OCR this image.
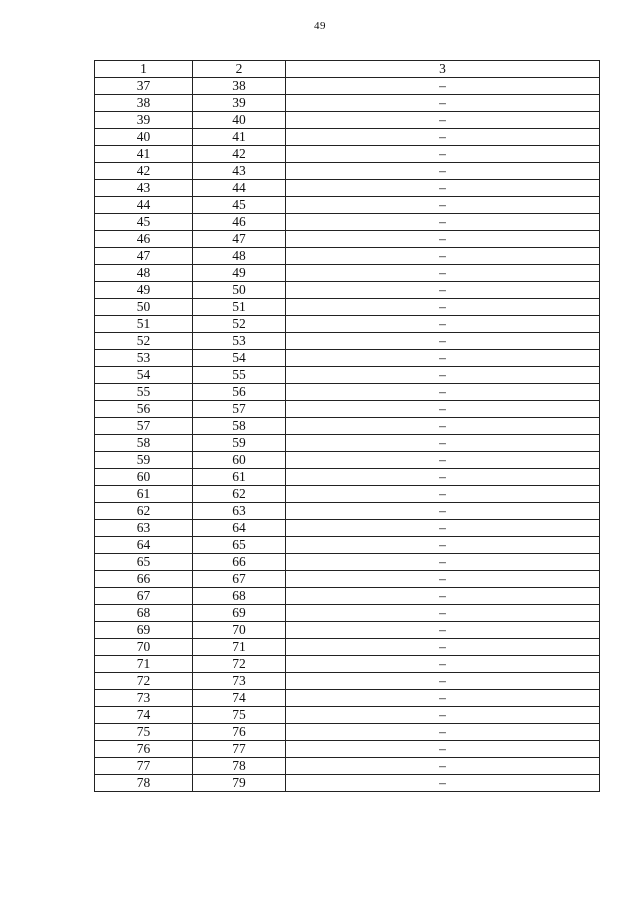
49
1	2	3
37	38	–
38	39	–
39	40	–
40	41	–
41	42	–
42	43	–
43	44	–
44	45	–
45	46	–
46	47	–
47	48	–
48	49	–
49	50	–
50	51	–
51	52	–
52	53	–
53	54	–
54	55	–
55	56	–
56	57	–
57	58	–
58	59	–
59	60	–
60	61	–
61	62	–
62	63	–
63	64	–
64	65	–
65	66	–
66	67	–
67	68	–
68	69	–
69	70	–
70	71	–
71	72	–
72	73	–
73	74	–
74	75	–
75	76	–
76	77	–
77	78	–
78	79	–
